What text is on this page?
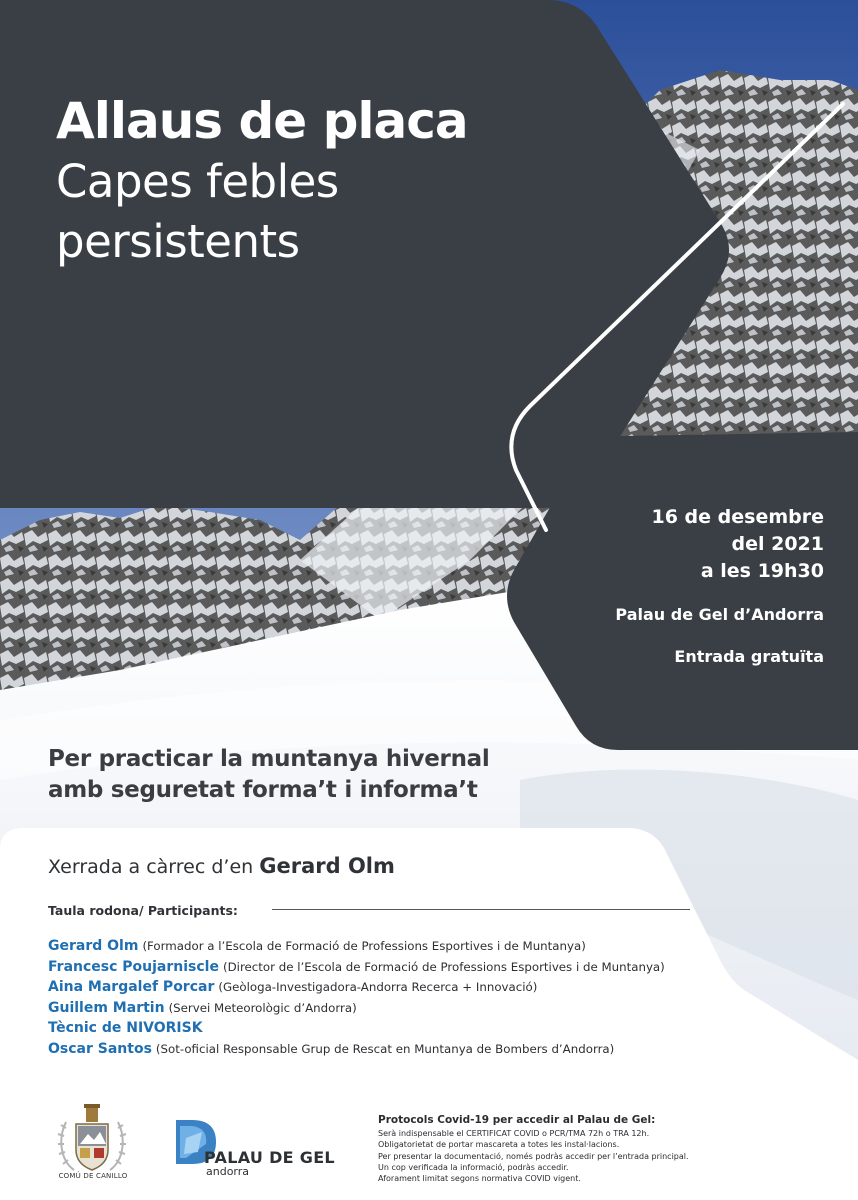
Allaus de placa
Capes febles
persistents
16 de desembre
del 2021
a les 19h30
Palau de Gel d’Andorra
Entrada gratuïta
Per practicar la muntanya hivernal
amb seguretat forma’t i informa’t
Xerrada a càrrec d’en Gerard Olm
Taula rodona/ Participants:
Gerard Olm (Formador a l’Escola de Formació de Professions Esportives i de Muntanya)
Francesc Poujarniscle (Director de l’Escola de Formació de Professions Esportives i de Muntanya)
Aina Margalef Porcar (Geòloga-Investigadora-Andorra Recerca + Innovació)
Guillem Martin (Servei Meteorològic d’Andorra)
Tècnic de NIVORISK
Oscar Santos (Sot-oficial Responsable Grup de Rescat en Muntanya de Bombers d’Andorra)
COMÚ DE CANILLO
PALAU DE GEL
andorra
Protocols Covid-19 per accedir al Palau de Gel:
Serà indispensable el CERTIFICAT COVID o PCR/TMA 72h o TRA 12h.
Obligatorietat de portar mascareta a totes les instal·lacions.
Per presentar la documentació, només podràs accedir per l’entrada principal.
Un cop verificada la informació, podràs accedir.
Aforament limitat segons normativa COVID vigent.
